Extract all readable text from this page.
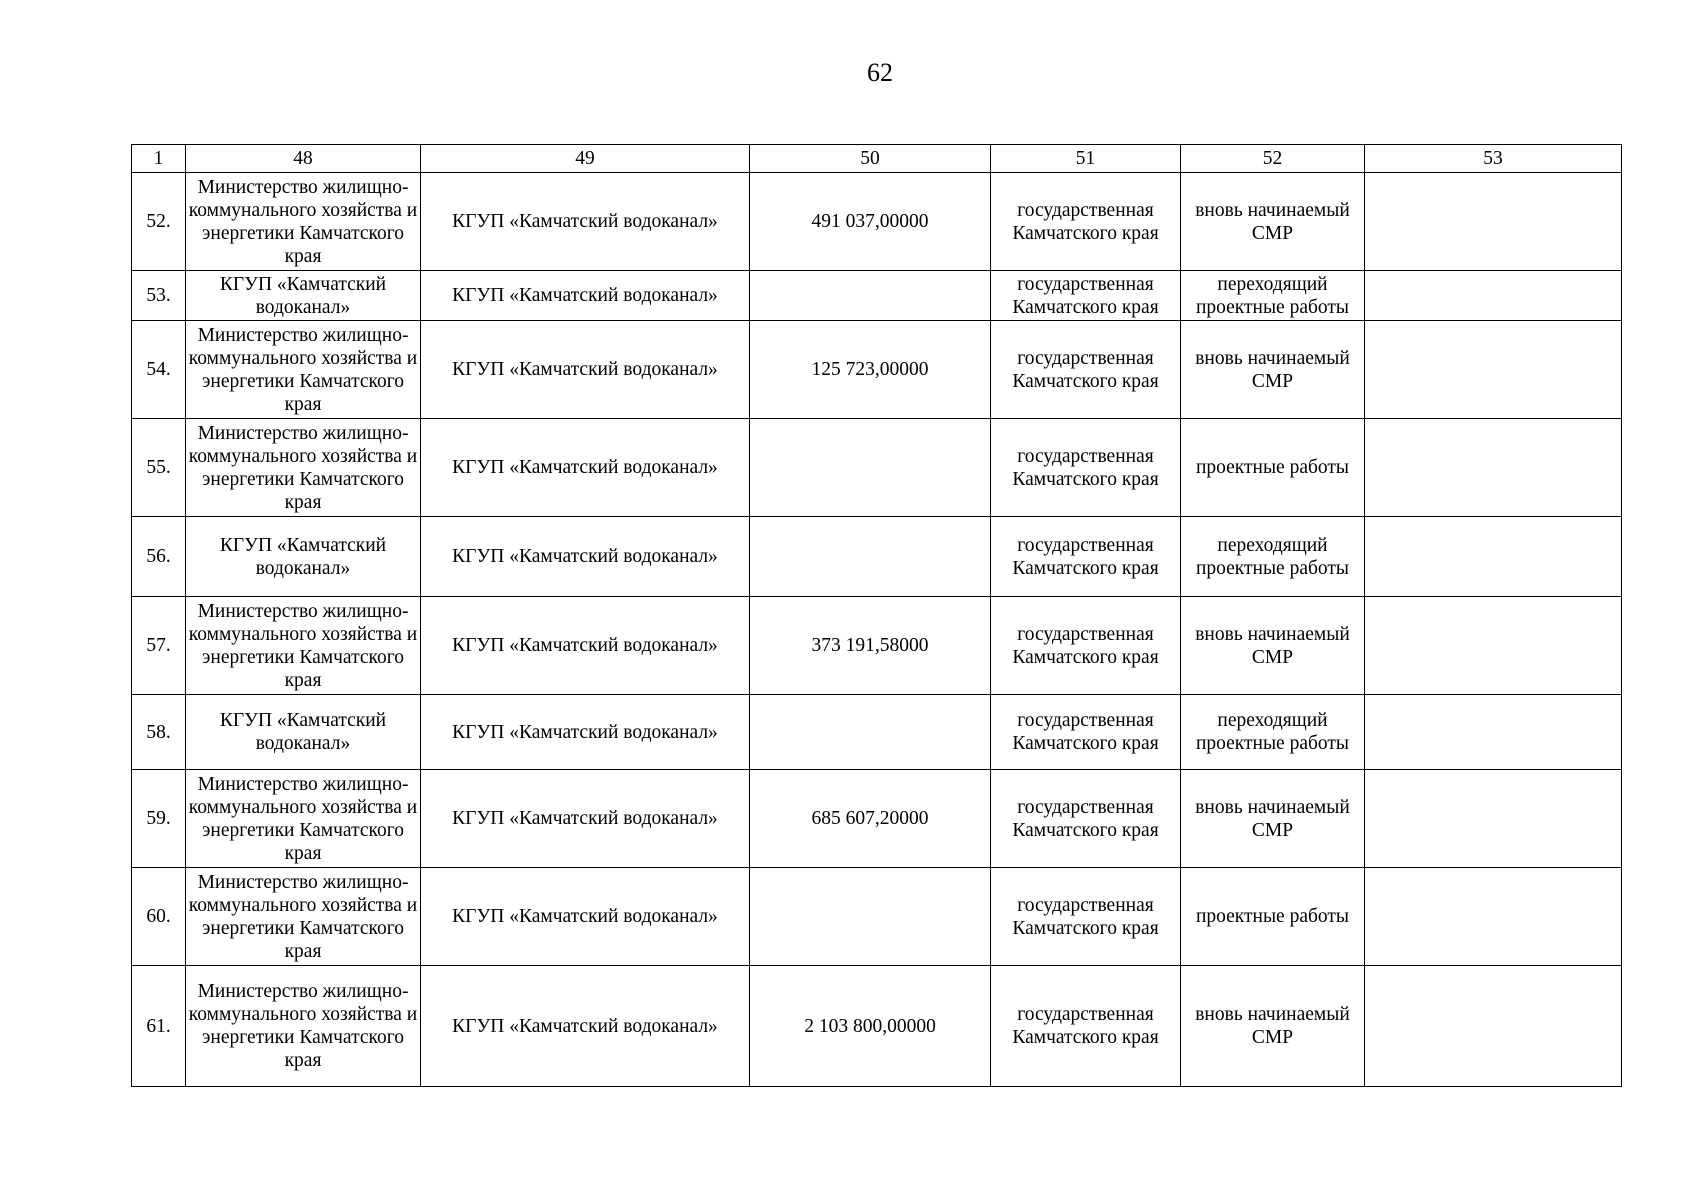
62
1	48	49	50	51	52	53
52.	Министерство жилищно-коммунального хозяйства и энергетики Камчатского края	КГУП «Камчатский водоканал»	491 037,00000	государственная Камчатского края	вновь начинаемый СМР	
53.	КГУП «Камчатский водоканал»	КГУП «Камчатский водоканал»		государственная Камчатского края	переходящий проектные работы	
54.	Министерство жилищно-коммунального хозяйства и энергетики Камчатского края	КГУП «Камчатский водоканал»	125 723,00000	государственная Камчатского края	вновь начинаемый СМР	
55.	Министерство жилищно-коммунального хозяйства и энергетики Камчатского края	КГУП «Камчатский водоканал»		государственная Камчатского края	проектные работы	
56.	КГУП «Камчатский водоканал»	КГУП «Камчатский водоканал»		государственная Камчатского края	переходящий проектные работы	
57.	Министерство жилищно-коммунального хозяйства и энергетики Камчатского края	КГУП «Камчатский водоканал»	373 191,58000	государственная Камчатского края	вновь начинаемый СМР	
58.	КГУП «Камчатский водоканал»	КГУП «Камчатский водоканал»		государственная Камчатского края	переходящий проектные работы	
59.	Министерство жилищно-коммунального хозяйства и энергетики Камчатского края	КГУП «Камчатский водоканал»	685 607,20000	государственная Камчатского края	вновь начинаемый СМР	
60.	Министерство жилищно-коммунального хозяйства и энергетики Камчатского края	КГУП «Камчатский водоканал»		государственная Камчатского края	проектные работы	
61.	Министерство жилищно-коммунального хозяйства и энергетики Камчатского края	КГУП «Камчатский водоканал»	2 103 800,00000	государственная Камчатского края	вновь начинаемый СМР	
